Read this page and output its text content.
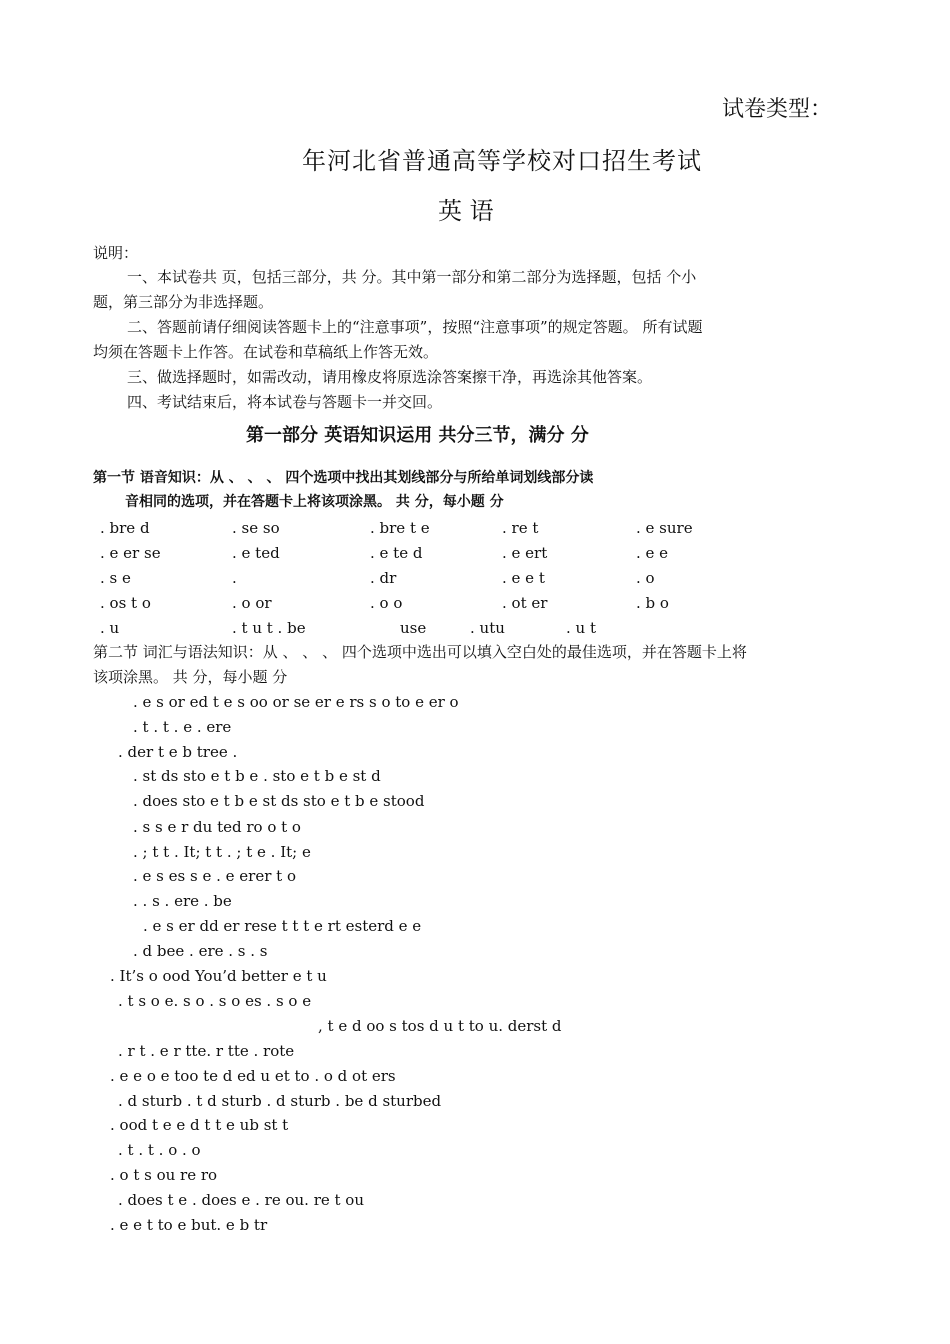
试卷类型：
年河北省普通高等学校对口招生考试
英 语
说明：
一、本试卷共 页，包括三部分，共 分。其中第一部分和第二部分为选择题，包括 个小
题，第三部分为非选择题。
二、答题前请仔细阅读答题卡上的“注意事项”，按照“注意事项”的规定答题。 所有试题
均须在答题卡上作答。在试卷和草稿纸上作答无效。
三、做选择题时，如需改动，请用橡皮将原选涂答案擦干净，再选涂其他答案。
四、考试结束后，将本试卷与答题卡一并交回。
第一部分 英语知识运用 共分三节，满分 分
第一节 语音知识：从 、 、 、 四个选项中找出其划线部分与所给单词划线部分读
音相同的选项，并在答题卡上将该项涂黑。 共 分，每小题 分
. bre d	. se so	. bre t e	. re t	. e sure
. e er se	. e ted	. e te d	. e ert	. e e
. s e	.	. dr	. e e t	. o
. os t o	. o or	. o o	. ot er	. b o
. u	. t u t . be	use	. utu	. u t
第二节 词汇与语法知识：从 、 、 、 四个选项中选出可以填入空白处的最佳选项，并在答题卡上将
该项涂黑。 共 分，每小题 分
. e s or ed t e s oo or se er e rs s o to e er o
. t . t . e . ere
. der t e b tree .
. st ds sto e t b e . sto e t b e st d
. does sto e t b e st ds sto e t b e stood
. s s e r du ted ro o t o
. ; t t . It; t t . ; t e . It; e
. e s es s e . e erer t o
. . s . ere . be
. e s er dd er rese t t t e rt esterd e e
. d bee . ere . s . s
. It’s o ood You’d better e t u
. t s o e. s o . s o es . s o e
, t e d oo s tos d u t to u. derst d
. r t . e r tte. r tte . rote
. e e o e too te d ed u et to . o d ot ers
. d sturb . t d sturb . d sturb . be d sturbed
. ood t e e d t t e ub st t
. t . t . o . o
. o t s ou re ro
. does t e . does e . re ou. re t ou
. e e t to e but. e b tr
